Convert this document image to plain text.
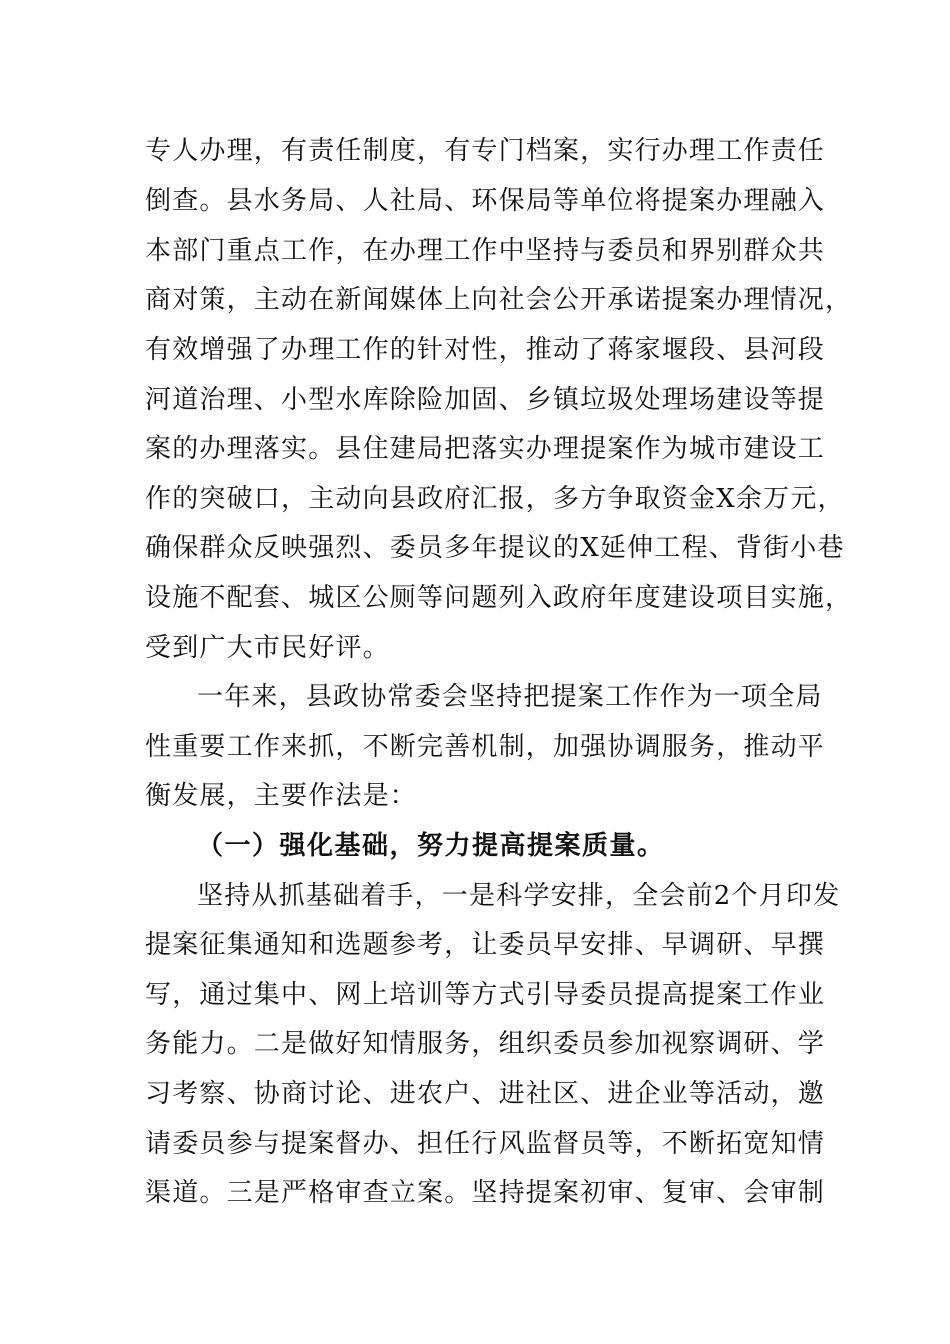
专人办理，有责任制度，有专门档案，实行办理工作责任
倒查。县水务局、人社局、环保局等单位将提案办理融入
本部门重点工作，在办理工作中坚持与委员和界别群众共
商对策，主动在新闻媒体上向社会公开承诺提案办理情况，
有效增强了办理工作的针对性，推动了蒋家堰段、县河段
河道治理、小型水库除险加固、乡镇垃圾处理场建设等提
案的办理落实。县住建局把落实办理提案作为城市建设工
作的突破口，主动向县政府汇报，多方争取资金X余万元，
确保群众反映强烈、委员多年提议的X延伸工程、背街小巷
设施不配套、城区公厕等问题列入政府年度建设项目实施，
受到广大市民好评。
一年来，县政协常委会坚持把提案工作作为一项全局
性重要工作来抓，不断完善机制，加强协调服务，推动平
衡发展，主要作法是：
（一）强化基础，努力提高提案质量。
坚持从抓基础着手，一是科学安排，全会前2个月印发
提案征集通知和选题参考，让委员早安排、早调研、早撰
写，通过集中、网上培训等方式引导委员提高提案工作业
务能力。二是做好知情服务，组织委员参加视察调研、学
习考察、协商讨论、进农户、进社区、进企业等活动，邀
请委员参与提案督办、担任行风监督员等，不断拓宽知情
渠道。三是严格审查立案。坚持提案初审、复审、会审制
